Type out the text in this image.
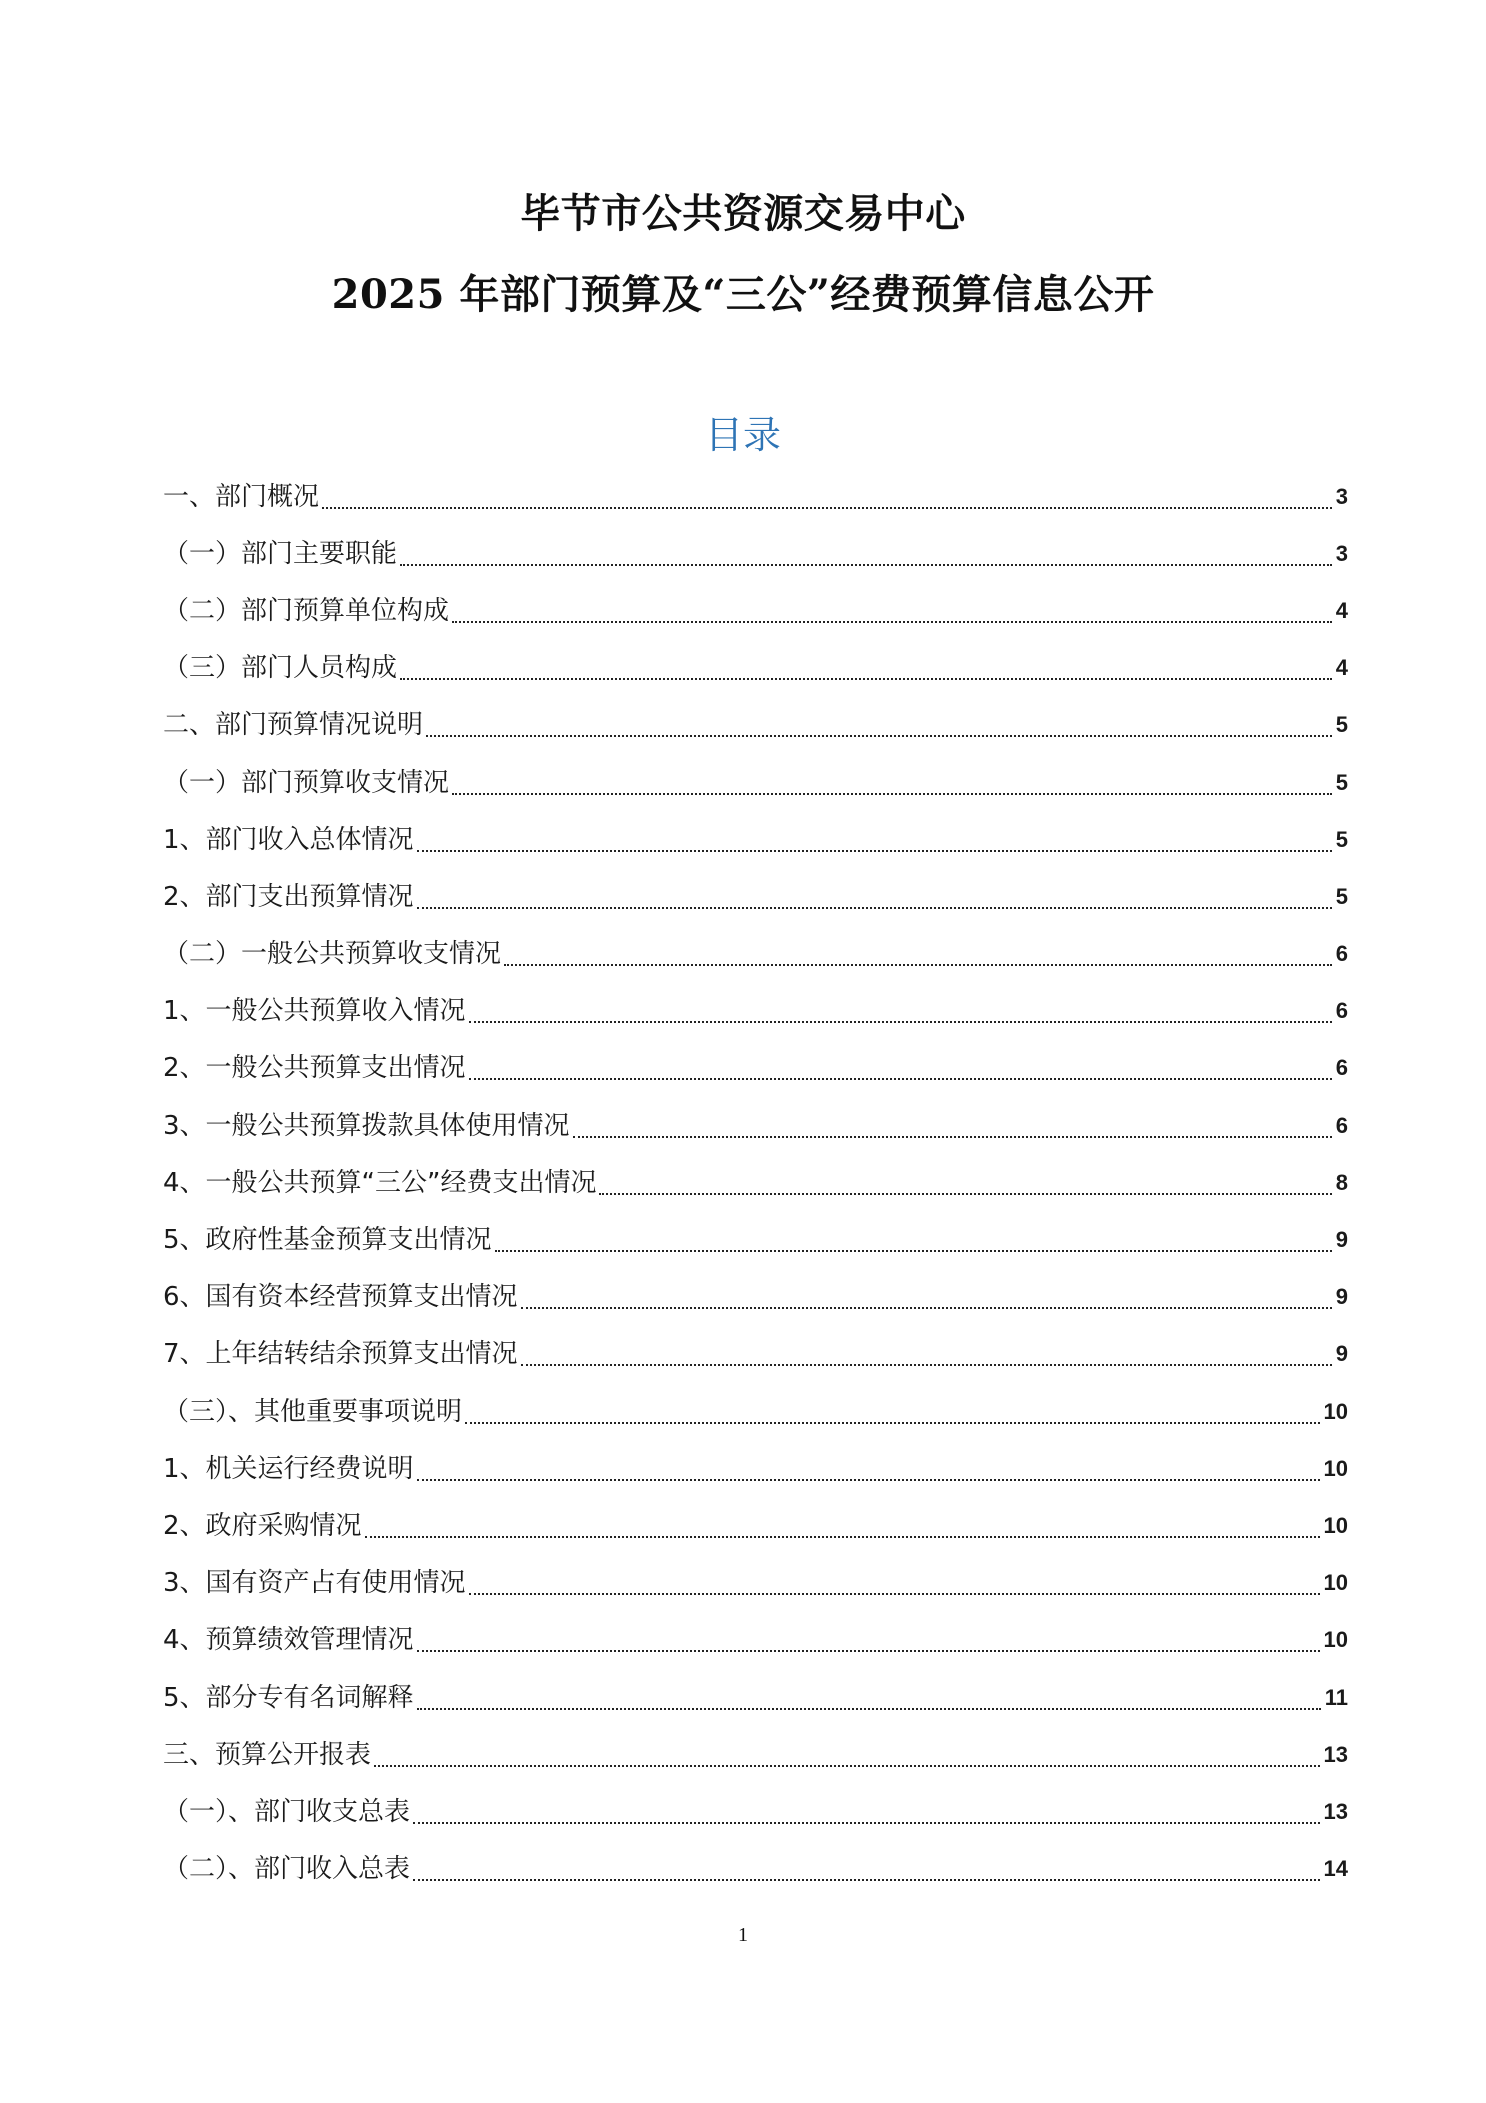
毕节市公共资源交易中心
2025 年部门预算及“三公”经费预算信息公开
目录
一、部门概况	3
（一）部门主要职能	3
（二）部门预算单位构成	4
（三）部门人员构成	4
二、部门预算情况说明	5
（一）部门预算收支情况	5
1、部门收入总体情况	5
2、部门支出预算情况	5
（二）一般公共预算收支情况	6
1、一般公共预算收入情况	6
2、一般公共预算支出情况	6
3、一般公共预算拨款具体使用情况	6
4、一般公共预算“三公”经费支出情况	8
5、政府性基金预算支出情况	9
6、国有资本经营预算支出情况	9
7、上年结转结余预算支出情况	9
（三）、其他重要事项说明	10
1、机关运行经费说明	10
2、政府采购情况	10
3、国有资产占有使用情况	10
4、预算绩效管理情况	10
5、部分专有名词解释	11
三、预算公开报表	13
（一）、部门收支总表	13
（二）、部门收入总表	14
1
